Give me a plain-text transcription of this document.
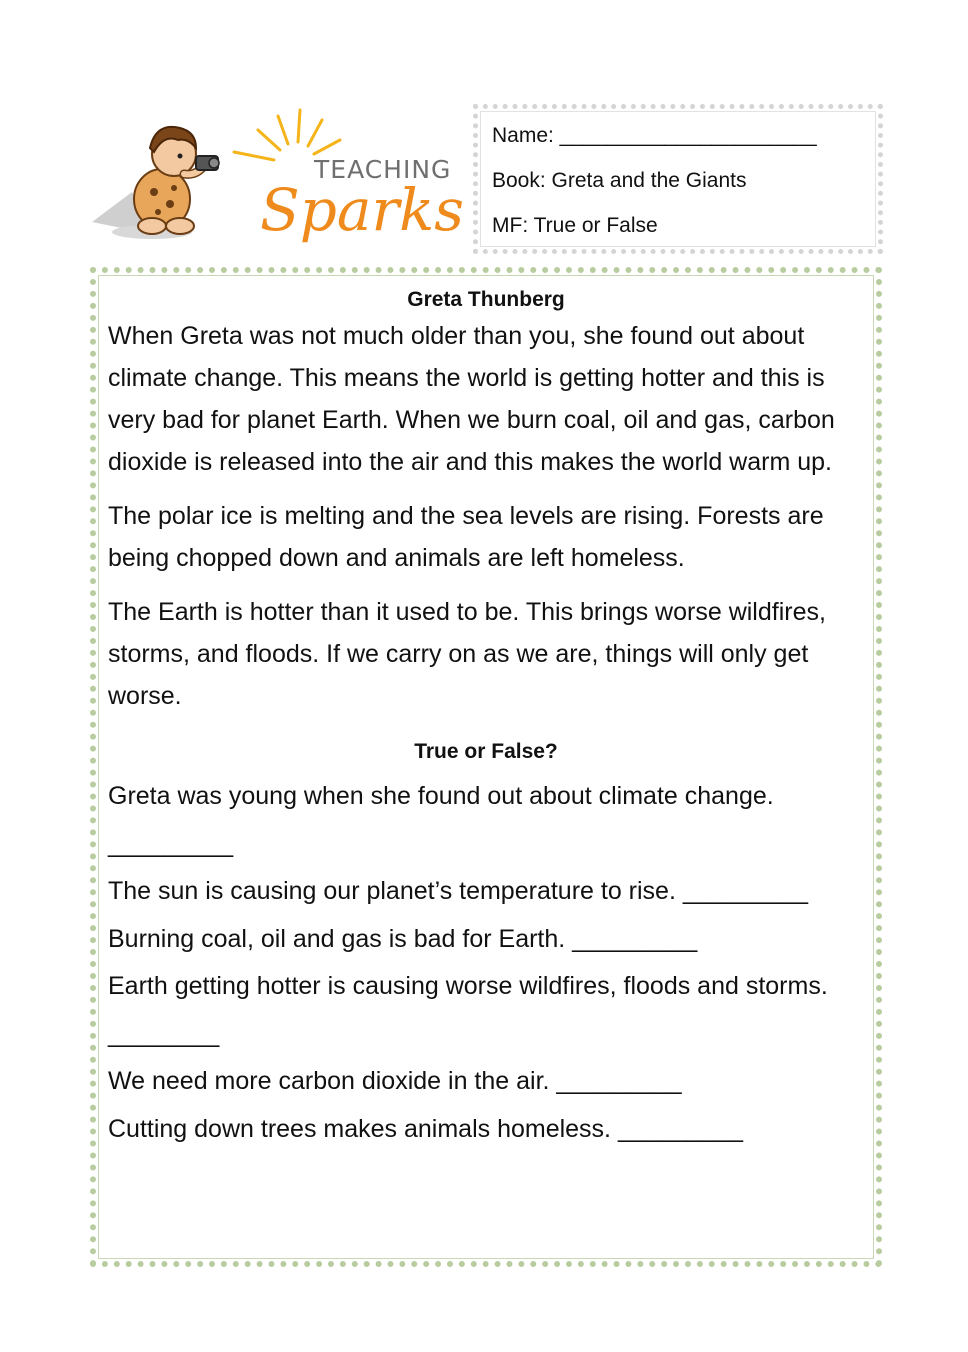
TEACHING
Sparks
Name: ______________________
Book: Greta and the Giants
MF: True or False
Greta Thunberg

When Greta was not much older than you, she found out about climate change. This means the world is getting hotter and this is very bad for planet Earth. When we burn coal, oil and gas, carbon dioxide is released into the air and this makes the world warm up.

The polar ice is melting and the sea levels are rising. Forests are being chopped down and animals are left homeless.

The Earth is hotter than it used to be. This brings worse wildfires, storms, and floods. If we carry on as we are, things will only get worse.

True or False?

Greta was young when she found out about climate change. _________

The sun is causing our planet’s temperature to rise. _________

Burning coal, oil and gas is bad for Earth. _________

Earth getting hotter is causing worse wildfires, floods and storms. ________

We need more carbon dioxide in the air. _________

Cutting down trees makes animals homeless. _________
